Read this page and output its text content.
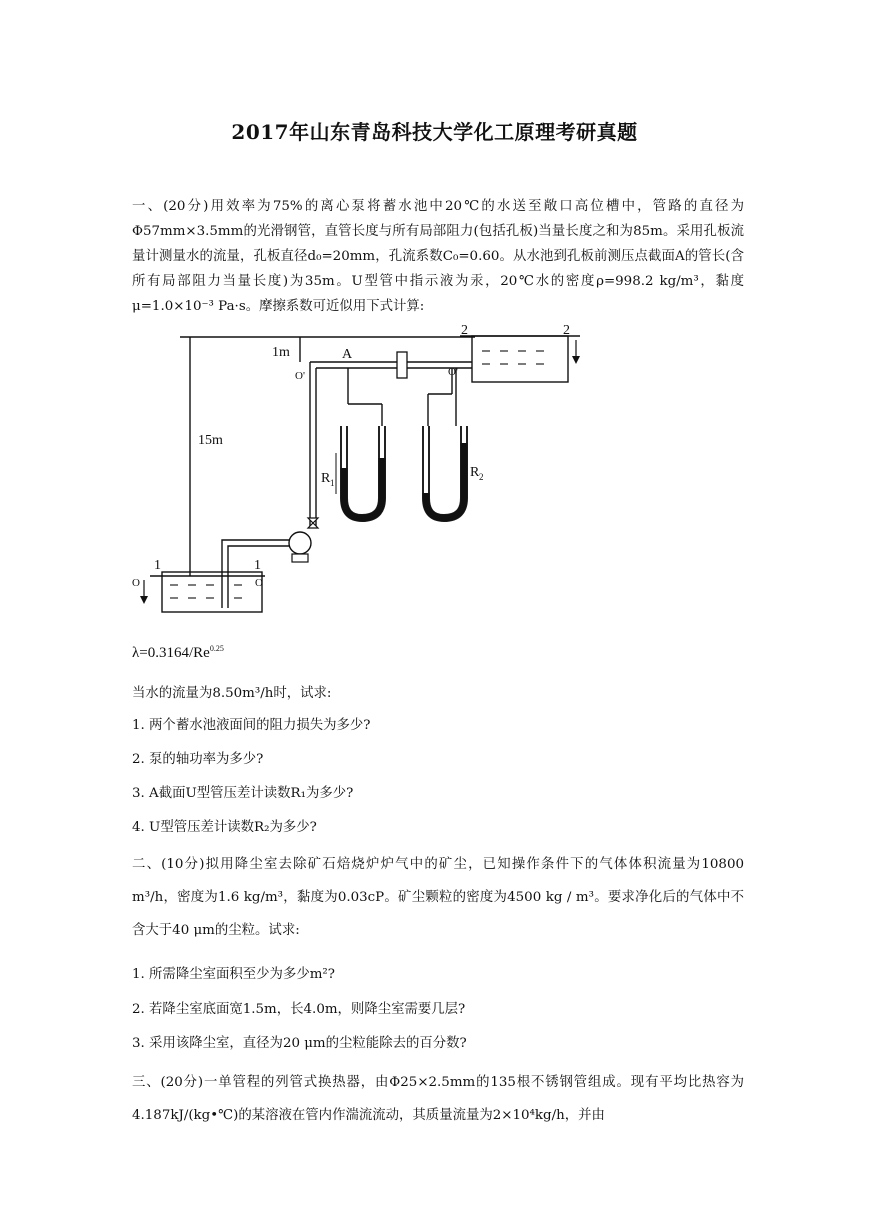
2017年山东青岛科技大学化工原理考研真题
一、(20分)用效率为75%的离心泵将蓄水池中20℃的水送至敞口高位槽中，管路的直径为Φ57mm×3.5mm的光滑钢管，直管长度与所有局部阻力(包括孔板)当量长度之和为85m。采用孔板流量计测量水的流量，孔板直径d₀=20mm，孔流系数C₀=0.60。从水池到孔板前测压点截面A的管长(含所有局部阻力当量长度)为35m。U型管中指示液为汞，20℃水的密度ρ=998.2 kg/m³，黏度μ=1.0×10⁻³ Pa·s。摩擦系数可近似用下式计算:
1m
15m
A
O'	O'
2	2
1	1
O	O
R 1
R 2
$\lambda=0.3164/Re^{0.25}$
当水的流量为8.50m³/h时，试求:
1. 两个蓄水池液面间的阻力损失为多少?
2. 泵的轴功率为多少?
3. A截面U型管压差计读数R₁为多少?
4. U型管压差计读数R₂为多少?
二、(10分)拟用降尘室去除矿石焙烧炉炉气中的矿尘，已知操作条件下的气体体积流量为10800 m³/h，密度为1.6 kg/m³，黏度为0.03cP。矿尘颗粒的密度为4500 kg / m³。要求净化后的气体中不含大于40 μm的尘粒。试求:
1. 所需降尘室面积至少为多少m²?
2. 若降尘室底面宽1.5m，长4.0m，则降尘室需要几层?
3. 采用该降尘室，直径为20 μm的尘粒能除去的百分数?
三、(20分)一单管程的列管式换热器，由Φ25×2.5mm的135根不锈钢管组成。现有平均比热容为4.187kJ/(kg•℃)的某溶液在管内作湍流流动，其质量流量为2×10⁴kg/h，并由
